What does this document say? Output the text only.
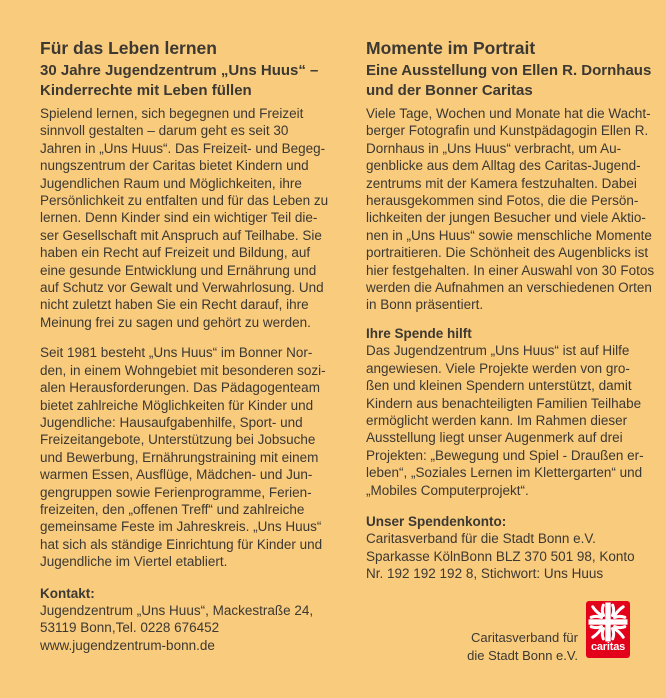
Für das Leben lernen
30 Jahre Jugendzentrum „Uns Huus“ –
Kinderrechte mit Leben füllen

Spielend lernen, sich begegnen und Freizeit
sinnvoll gestalten – darum geht es seit 30
Jahren in „Uns Huus“. Das Freizeit- und Begeg-
nungszentrum der Caritas bietet Kindern und
Jugendlichen Raum und Möglichkeiten, ihre
Persönlichkeit zu entfalten und für das Leben zu
lernen. Denn Kinder sind ein wichtiger Teil die-
ser Gesellschaft mit Anspruch auf Teilhabe. Sie
haben ein Recht auf Freizeit und Bildung, auf
eine gesunde Entwicklung und Ernährung und
auf Schutz vor Gewalt und Verwahrlosung. Und
nicht zuletzt haben Sie ein Recht darauf, ihre
Meinung frei zu sagen und gehört zu werden.

Seit 1981 besteht „Uns Huus“ im Bonner Nor-
den, in einem Wohngebiet mit besonderen sozi-
alen Herausforderungen. Das Pädagogenteam
bietet zahlreiche Möglichkeiten für Kinder und
Jugendliche: Hausaufgabenhilfe, Sport- und
Freizeitangebote, Unterstützung bei Jobsuche
und Bewerbung, Ernährungstraining mit einem
warmen Essen, Ausflüge, Mädchen- und Jun-
gengruppen sowie Ferienprogramme, Ferien-
freizeiten, den „offenen Treff“ und zahlreiche
gemeinsame Feste im Jahreskreis. „Uns Huus“
hat sich als ständige Einrichtung für Kinder und
Jugendliche im Viertel etabliert.

Kontakt:

Jugendzentrum „Uns Huus“, Mackestraße 24,
53119 Bonn,Tel. 0228 676452

www.jugendzentrum-bonn.de

Momente im Portrait
Eine Ausstellung von Ellen R. Dornhaus
und der Bonner Caritas

Viele Tage, Wochen und Monate hat die Wacht-
berger Fotografin und Kunstpädagogin Ellen R.
Dornhaus in „Uns Huus“ verbracht, um Au-
genblicke aus dem Alltag des Caritas-Jugend-
zentrums mit der Kamera festzuhalten. Dabei
herausgekommen sind Fotos, die die Persön-
lichkeiten der jungen Besucher und viele Aktio-
nen in „Uns Huus“ sowie menschliche Momente
portraitieren. Die Schönheit des Augenblicks ist
hier festgehalten. In einer Auswahl von 30 Fotos
werden die Aufnahmen an verschiedenen Orten
in Bonn präsentiert.

Ihre Spende hilft

Das Jugendzentrum „Uns Huus“ ist auf Hilfe
angewiesen. Viele Projekte werden von gro-
ßen und kleinen Spendern unterstützt, damit
Kindern aus benachteiligten Familien Teilhabe
ermöglicht werden kann. Im Rahmen dieser
Ausstellung liegt unser Augenmerk auf drei
Projekten: „Bewegung und Spiel - Draußen er-
leben“, „Soziales Lernen im Klettergarten“ und
„Mobiles Computerprojekt“.

Unser Spendenkonto:

Caritasverband für die Stadt Bonn e.V.
Sparkasse KölnBonn BLZ 370 501 98, Konto
Nr. 192 192 192 8, Stichwort: Uns Huus

Caritasverband für
die Stadt Bonn e.V.
caritas
